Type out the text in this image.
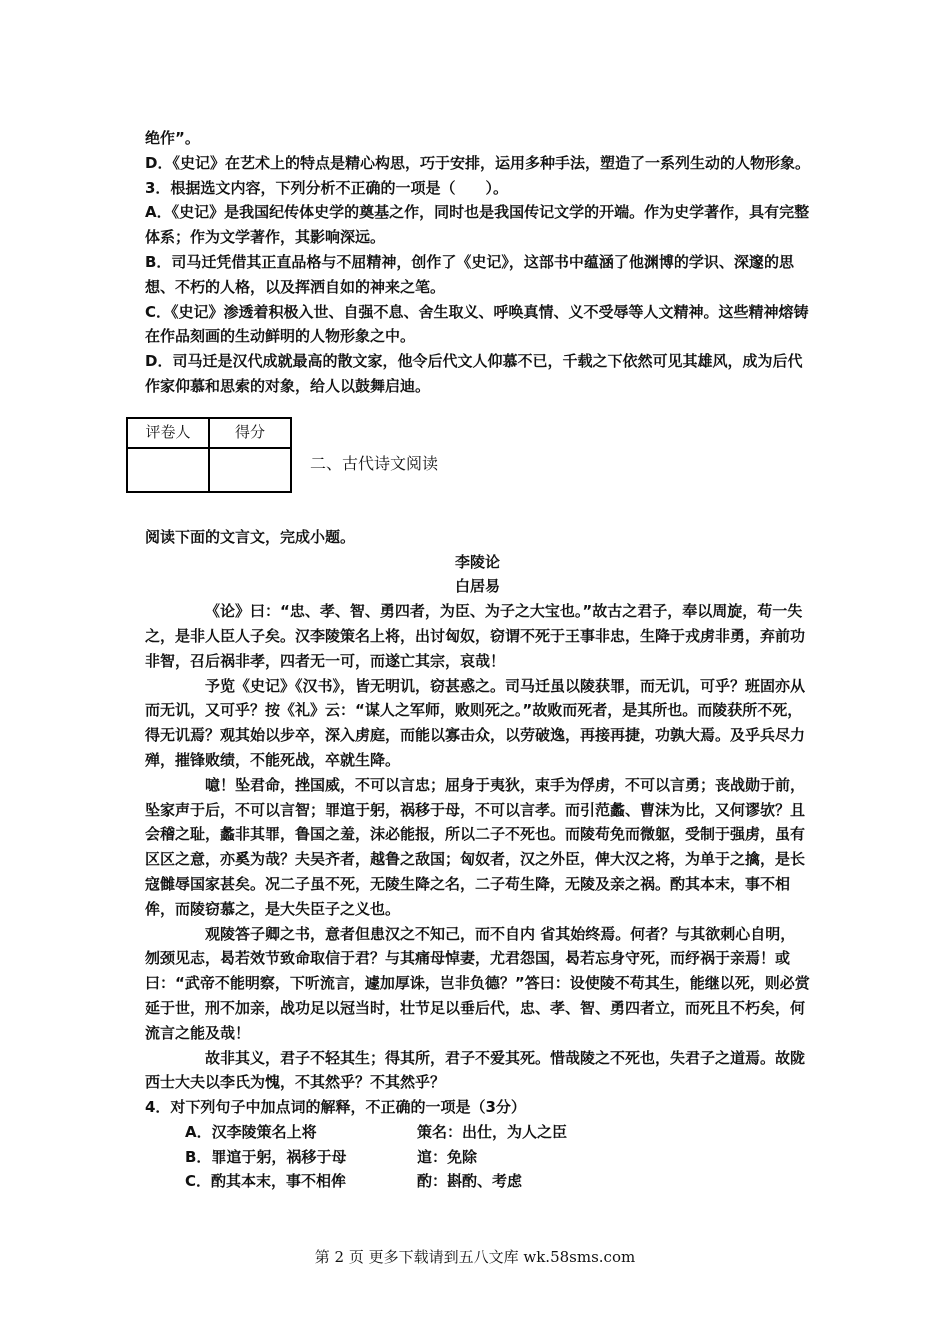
绝作”。

D．《史记》在艺术上的特点是精心构思，巧于安排，运用多种手法，塑造了一系列生动的人物形象。

3．根据选文内容，下列分析不正确的一项是（　　）。

A．《史记》是我国纪传体史学的奠基之作，同时也是我国传记文学的开端。作为史学著作，具有完整体系；作为文学著作，其影响深远。

B．司马迁凭借其正直品格与不屈精神，创作了《史记》，这部书中蕴涵了他渊博的学识、深邃的思想、不朽的人格，以及挥洒自如的神来之笔。

C．《史记》渗透着积极入世、自强不息、舍生取义、呼唤真情、义不受辱等人文精神。这些精神熔铸在作品刻画的生动鲜明的人物形象之中。

D．司马迁是汉代成就最高的散文家，他令后代文人仰慕不已，千载之下依然可见其雄风，成为后代作家仰慕和思索的对象，给人以鼓舞启迪。

评卷人	得分

二、古代诗文阅读

阅读下面的文言文，完成小题。

李陵论

白居易

《论》曰：“忠、孝、智、勇四者，为臣、为子之大宝也。”故古之君子，奉以周旋，苟一失之，是非人臣人子矣。汉李陵策名上将，出讨匈奴，窃谓不死于王事非忠，生降于戎虏非勇，弃前功非智，召后祸非孝，四者无一可，而遂亡其宗，哀哉！

予览《史记》《汉书》，皆无明讥，窃甚惑之。司马迁虽以陵获罪，而无讥，可乎？班固亦从而无讥，又可乎？按《礼》云：“谋人之军师，败则死之。”故败而死者，是其所也。而陵获所不死，得无讥焉？观其始以步卒，深入虏庭，而能以寡击众，以劳破逸，再接再捷，功孰大焉。及乎兵尽力殚，摧锋败绩，不能死战，卒就生降。

噫！坠君命，挫国威，不可以言忠；屈身于夷狄，束手为俘虏，不可以言勇；丧战勋于前，坠家声于后，不可以言智；罪逭于躬，祸移于母，不可以言孝。而引范蠡、曹沫为比，又何谬欤？且会稽之耻，蠡非其罪，鲁国之羞，沫必能报，所以二子不死也。而陵苟免而微躯，受制于强虏，虽有区区之意，亦奚为哉？夫吴齐者，越鲁之敌国；匈奴者，汉之外臣，俾大汉之将，为单于之擒，是长寇雠辱国家甚矣。况二子虽不死，无陵生降之名，二子苟生降，无陵及亲之祸。酌其本末，事不相侔，而陵窃慕之，是大失臣子之义也。

观陵答子卿之书，意者但患汉之不知己，而不自内 省其始终焉。何者？与其欲刺心自明，刎颈见志，曷若效节致命取信于君？与其痛母悼妻，尤君怨国，曷若忘身守死，而纾祸于亲焉！或曰：“武帝不能明察，下听流言，遽加厚诛，岂非负德？”答曰：设使陵不苟其生，能继以死，则必赏延于世，刑不加亲，战功足以冠当时，壮节足以垂后代，忠、孝、智、勇四者立，而死且不朽矣，何流言之能及哉！

故非其义，君子不轻其生；得其所，君子不爱其死。惜哉陵之不死也，失君子之道焉。故陇西士大夫以李氏为愧，不其然乎？不其然乎？

4．对下列句子中加点词的解释，不正确的一项是（3分）

A．汉李陵策名上将	策名：出仕，为人之臣
B．罪逭于躬，祸移于母	逭：免除
C．酌其本末，事不相侔	酌：斟酌、考虑
第 2 页 更多下载请到五八文库 wk.58sms.com
